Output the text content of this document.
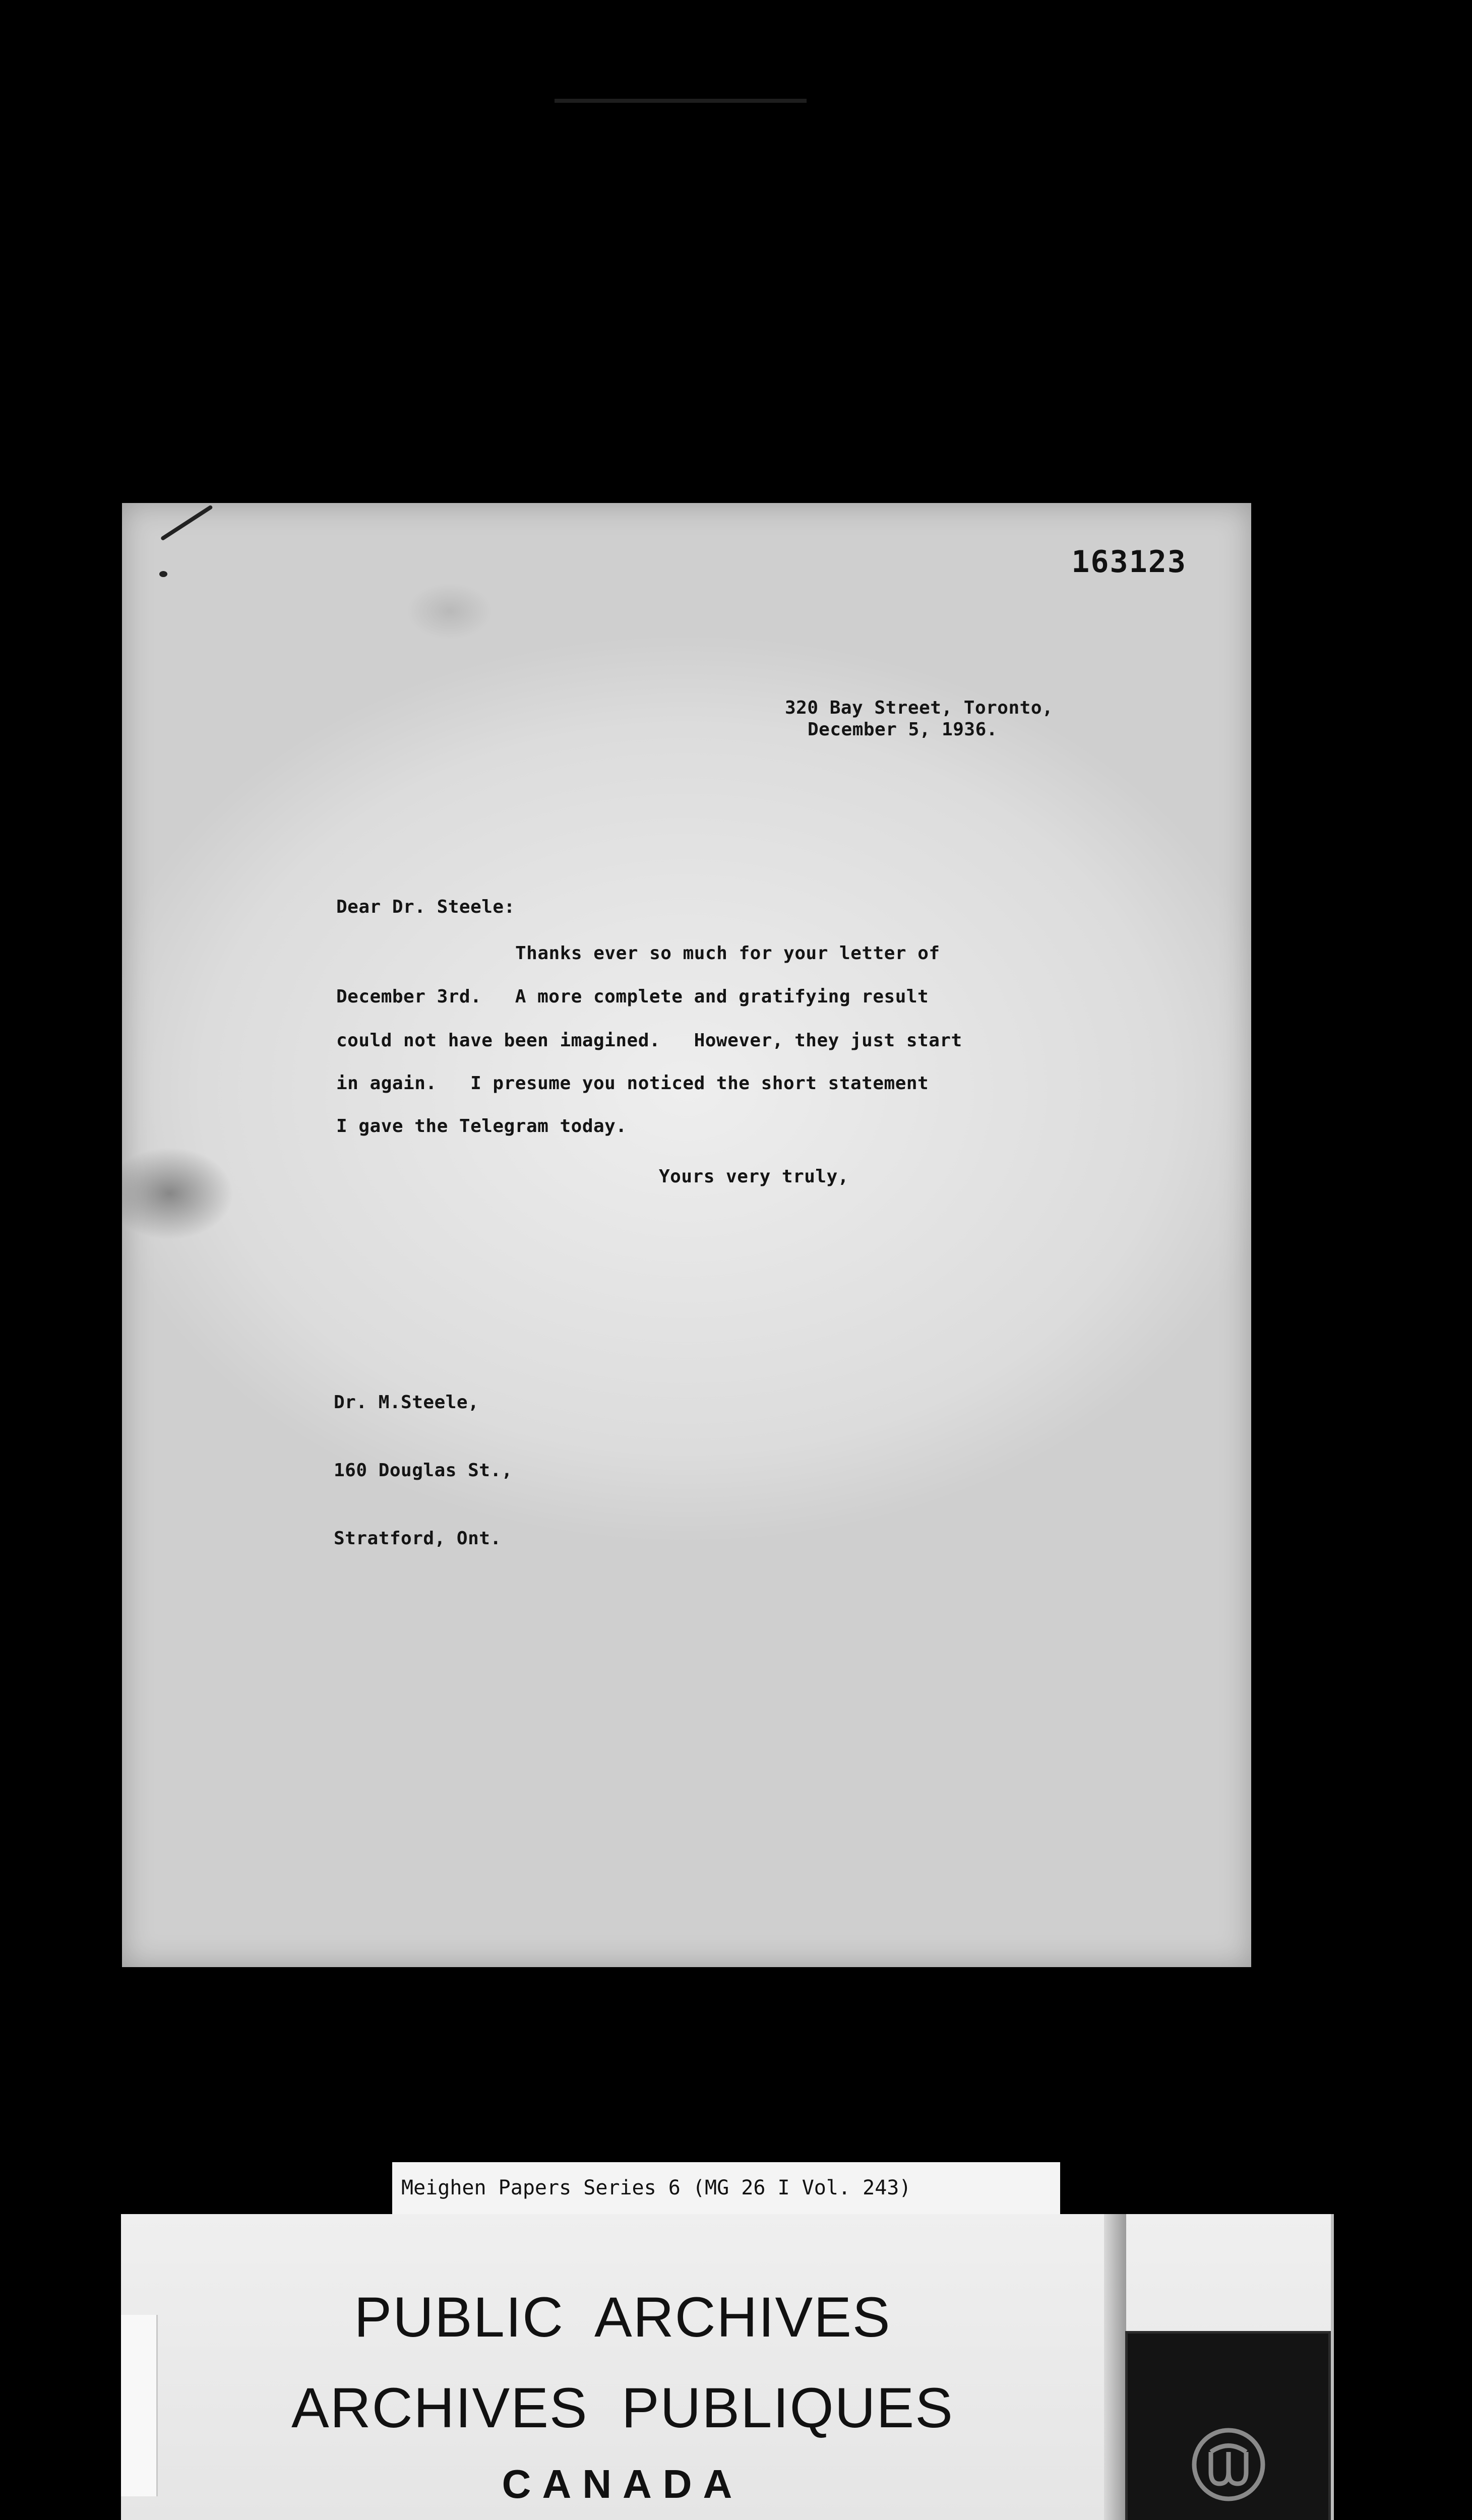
163123
320 Bay Street, Toronto,
December 5, 1936.
Dear Dr. Steele:
Thanks ever so much for your letter of
December 3rd.   A more complete and gratifying result
could not have been imagined.   However, they just start
in again.   I presume you noticed the short statement
I gave the Telegram today.
Yours very truly,

Dr. M.Steele,

160 Douglas St.,

Stratford, Ont.

Meighen Papers Series 6 (MG 26 I Vol. 243)
PUBLIC  ARCHIVES
ARCHIVES  PUBLIQUES
CANADA
